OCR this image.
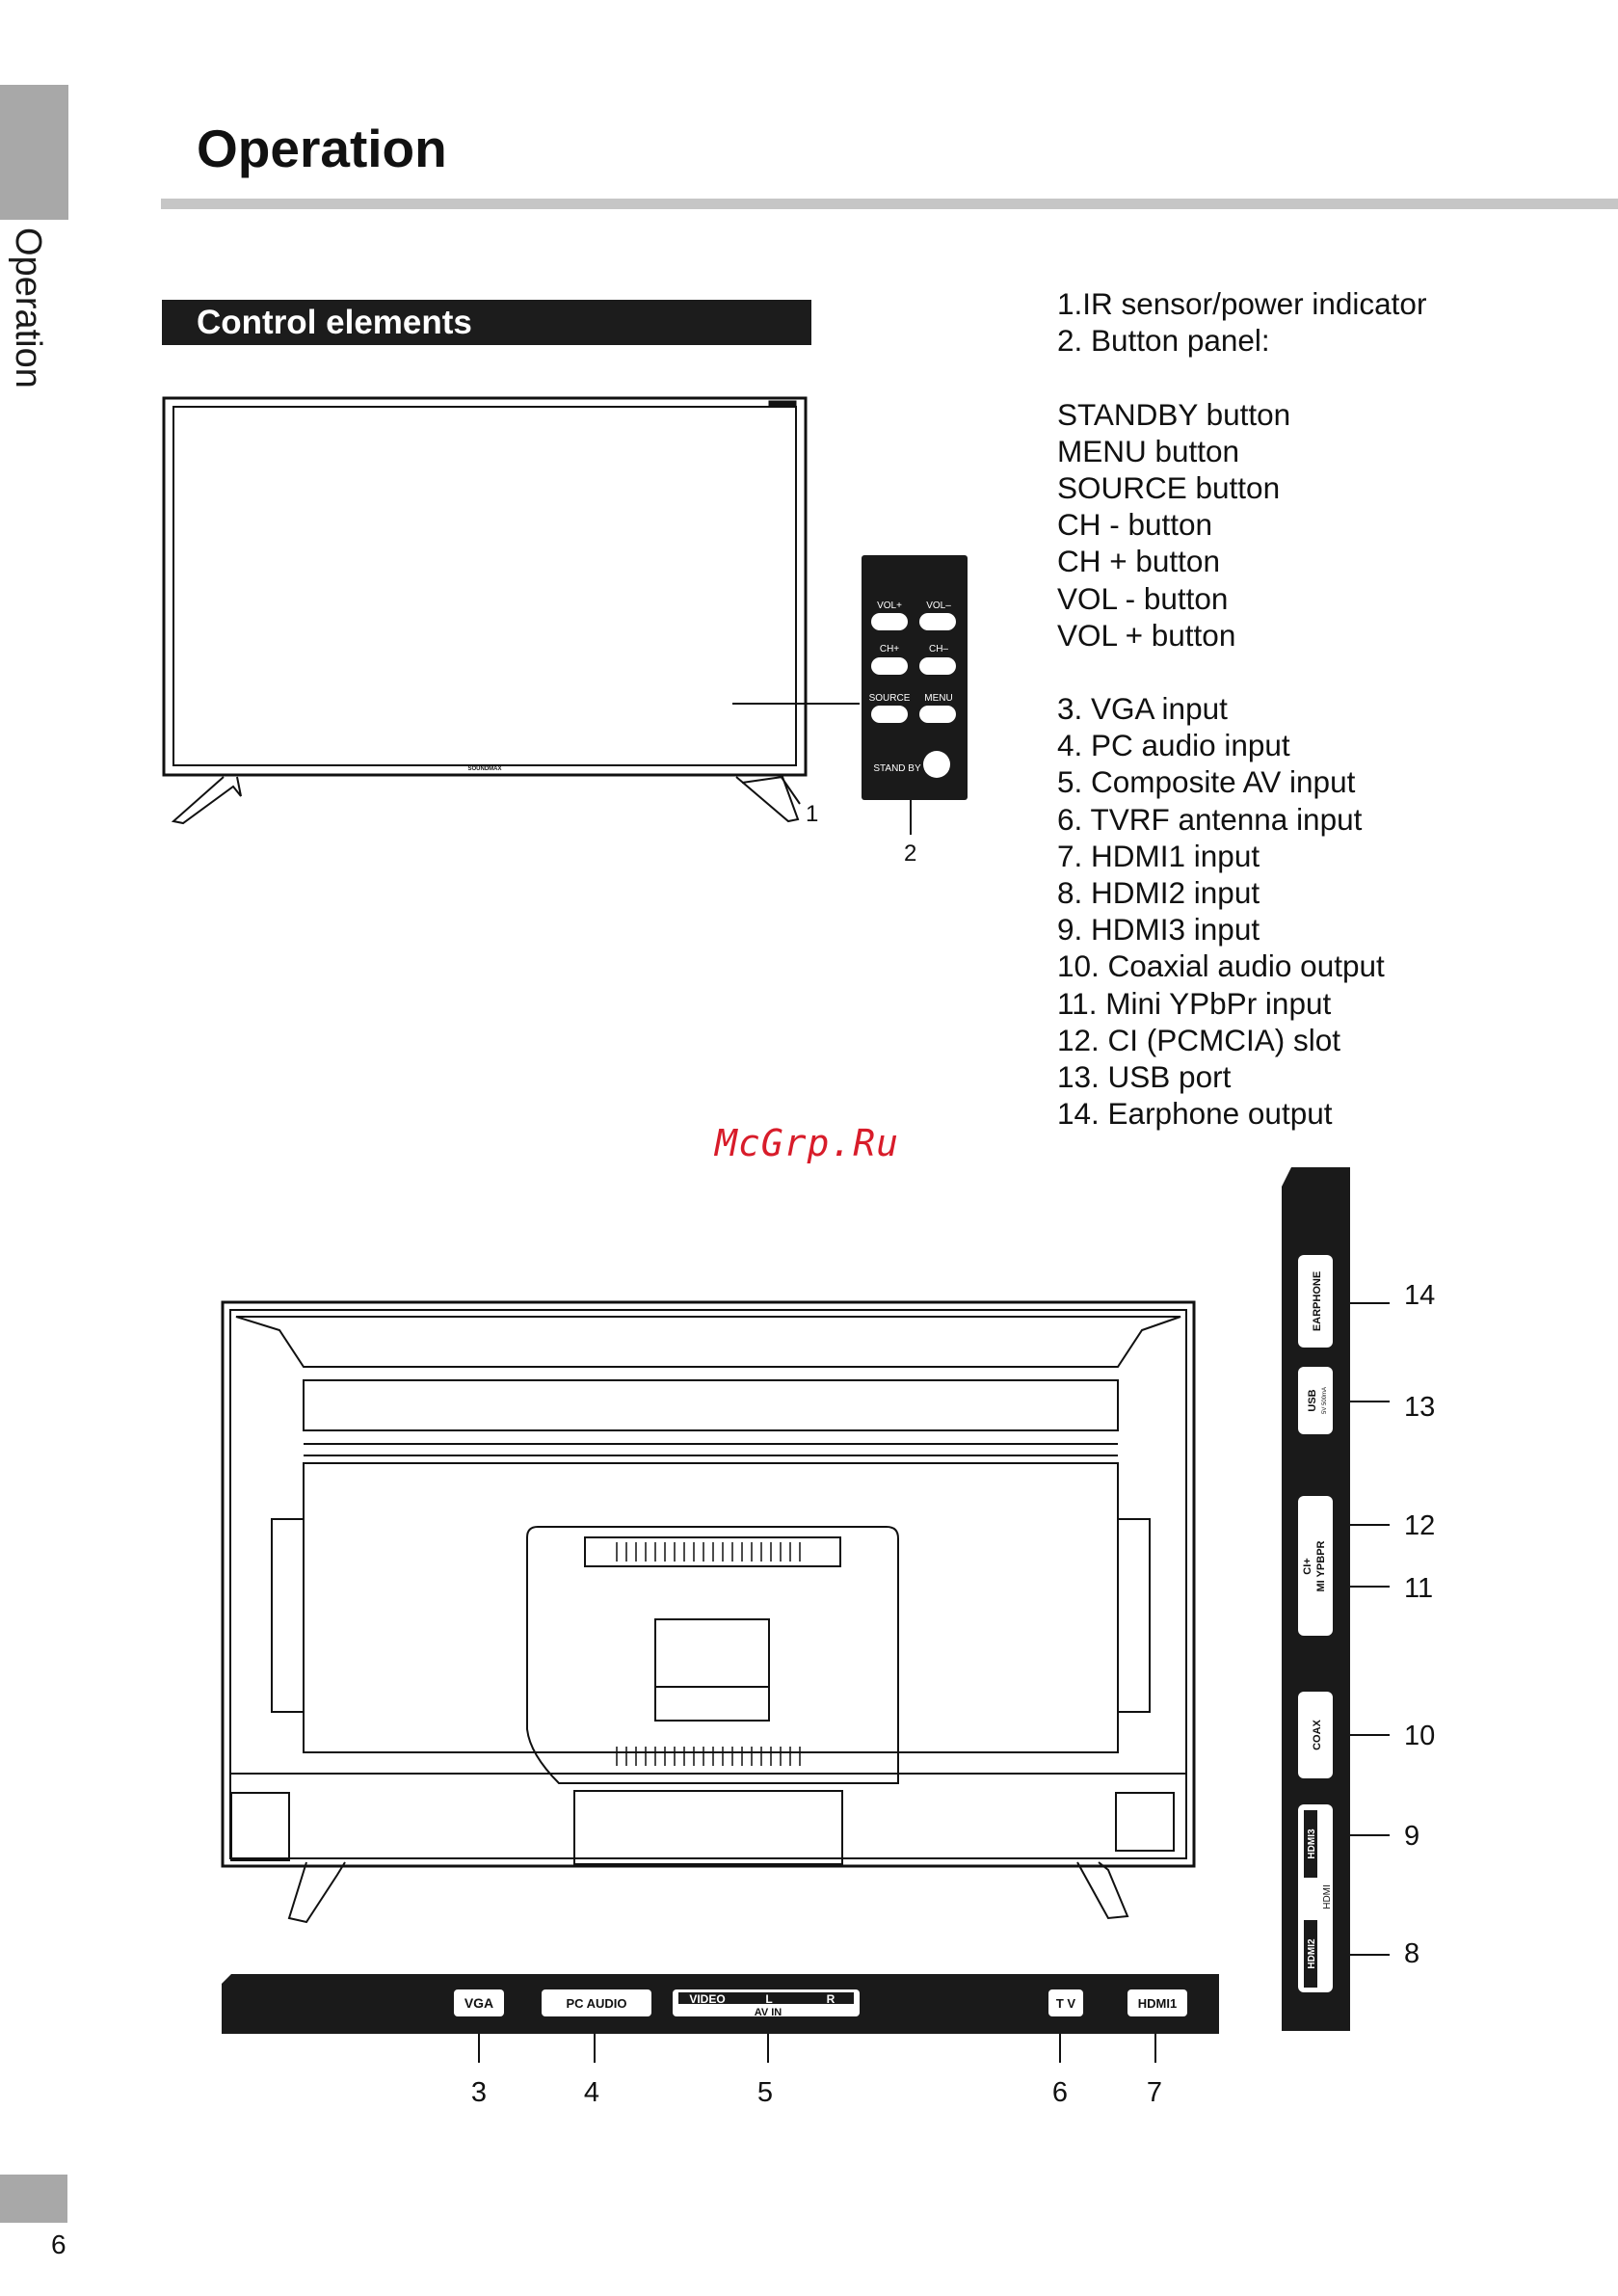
Operation
Operation
Control elements	1.IR sensor/power indicator
2. Button panel:
STANDBY button
MENU button
SOURCE button
CH - button
CH + button
VOL - button
VOL + button
3. VGA input
4. PC audio input
5. Composite AV input
6. TVRF antenna input
7. HDMI1 input
8. HDMI2 input
9. HDMI3 input
10. Coaxial audio output
11. Mini YPbPr input
12. CI (PCMCIA) slot
13. USB port
14. Earphone output
SOUNDMAX
1
2
VOL+	VOL–
CH+	CH–
SOURCE MENU
STAND BY
VGA	PC AUDIO	VIDEO	L	R
AV IN
T V	HDMI1
3	4	5	6	7
EARPHONE
USB 5V 500mA
CI+ MI YPBPR
COAX
HDMI3
HDMI
HDMI2
14
13
12
11
10
9
8
McGrp.Ru
6
